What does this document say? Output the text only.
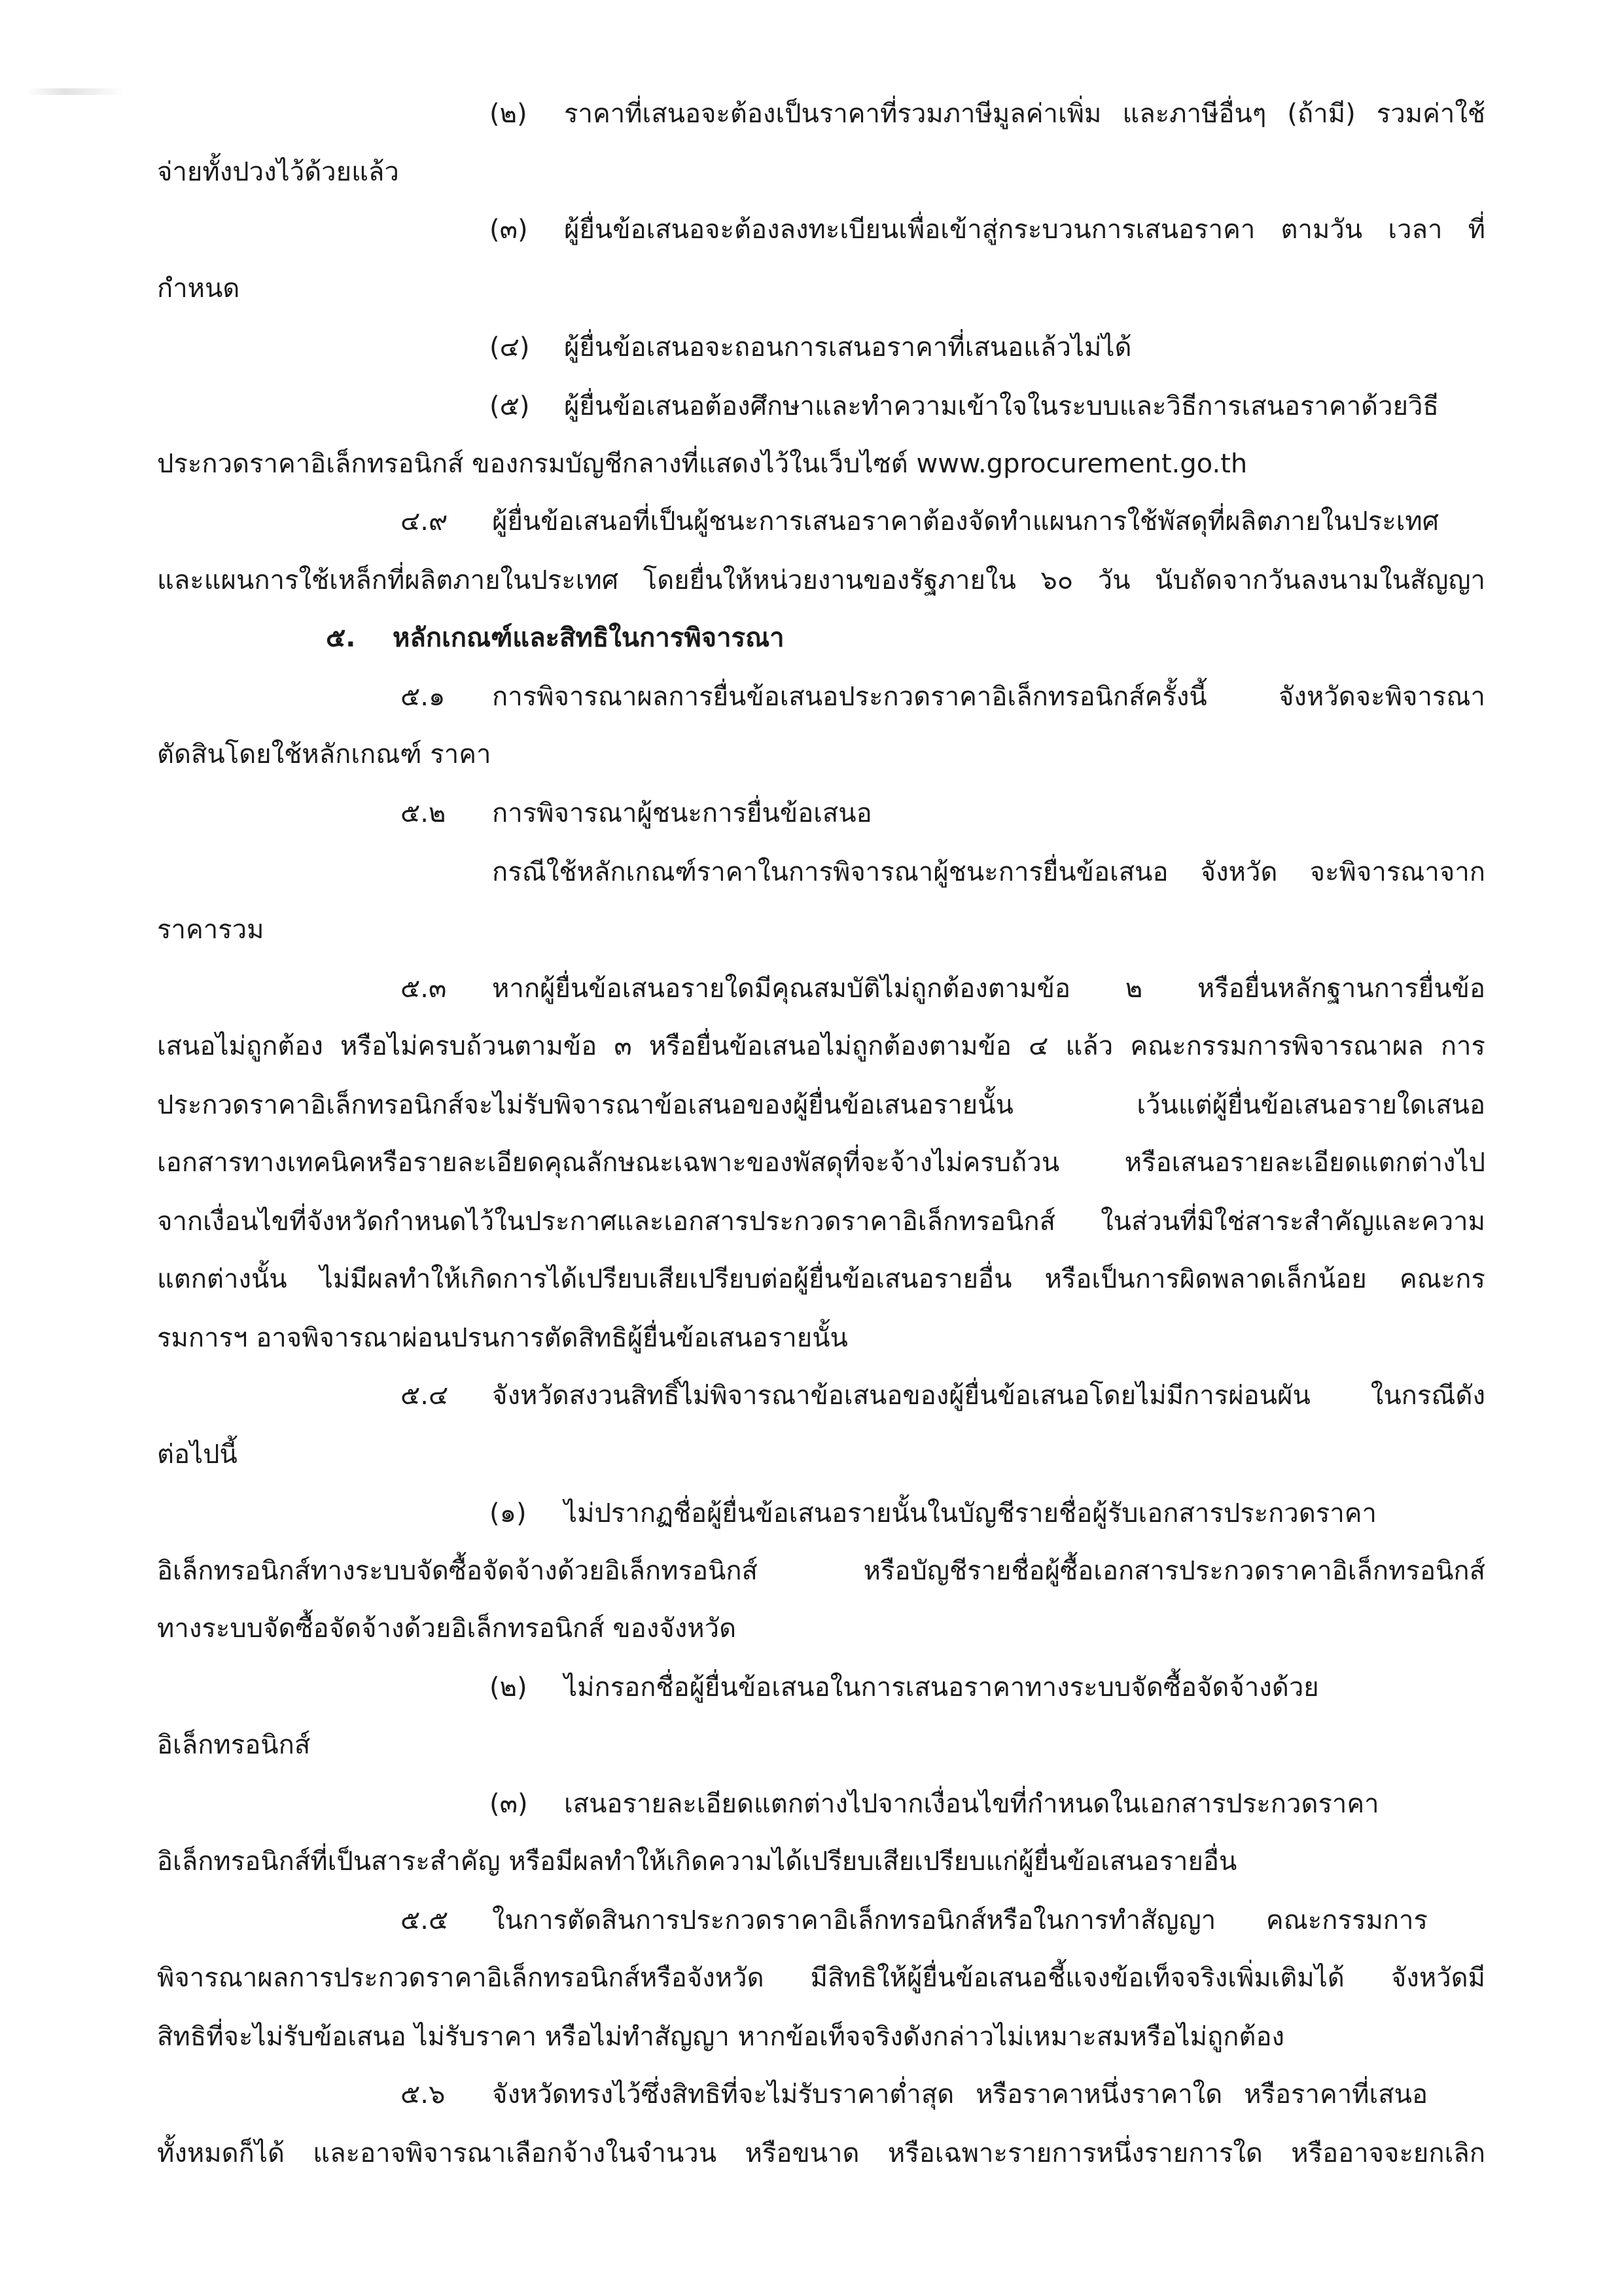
(๒) ราคาที่เสนอจะต้องเป็นราคาที่รวมภาษีมูลค่าเพิ่ม และภาษีอื่นๆ (ถ้ามี) รวมค่าใช้
จ่ายทั้งปวงไว้ด้วยแล้ว
(๓) ผู้ยื่นข้อเสนอจะต้องลงทะเบียนเพื่อเข้าสู่กระบวนการเสนอราคา ตามวัน เวลา ที่
กำหนด
(๔) ผู้ยื่นข้อเสนอจะถอนการเสนอราคาที่เสนอแล้วไม่ได้
(๕) ผู้ยื่นข้อเสนอต้องศึกษาและทำความเข้าใจในระบบและวิธีการเสนอราคาด้วยวิธี
ประกวดราคาอิเล็กทรอนิกส์ ของกรมบัญชีกลางที่แสดงไว้ในเว็บไซต์ www.gprocurement.go.th
๔.๙ ผู้ยื่นข้อเสนอที่เป็นผู้ชนะการเสนอราคาต้องจัดทำแผนการใช้พัสดุที่ผลิตภายในประเทศ
และแผนการใช้เหล็กที่ผลิตภายในประเทศ โดยยื่นให้หน่วยงานของรัฐภายใน ๖๐ วัน นับถัดจากวันลงนามในสัญญา
๕. หลักเกณฑ์และสิทธิในการพิจารณา
๕.๑ การพิจารณาผลการยื่นข้อเสนอประกวดราคาอิเล็กทรอนิกส์ครั้งนี้ จังหวัดจะพิจารณา
ตัดสินโดยใช้หลักเกณฑ์ ราคา
๕.๒ การพิจารณาผู้ชนะการยื่นข้อเสนอ
กรณีใช้หลักเกณฑ์ราคาในการพิจารณาผู้ชนะการยื่นข้อเสนอ จังหวัด จะพิจารณาจาก
ราคารวม
๕.๓ หากผู้ยื่นข้อเสนอรายใดมีคุณสมบัติไม่ถูกต้องตามข้อ ๒ หรือยื่นหลักฐานการยื่นข้อ
เสนอไม่ถูกต้อง หรือไม่ครบถ้วนตามข้อ ๓ หรือยื่นข้อเสนอไม่ถูกต้องตามข้อ ๔ แล้ว คณะกรรมการพิจารณาผล การ
ประกวดราคาอิเล็กทรอนิกส์จะไม่รับพิจารณาข้อเสนอของผู้ยื่นข้อเสนอรายนั้น เว้นแต่ผู้ยื่นข้อเสนอรายใดเสนอ
เอกสารทางเทคนิคหรือรายละเอียดคุณลักษณะเฉพาะของพัสดุที่จะจ้างไม่ครบถ้วน หรือเสนอรายละเอียดแตกต่างไป
จากเงื่อนไขที่จังหวัดกำหนดไว้ในประกาศและเอกสารประกวดราคาอิเล็กทรอนิกส์ ในส่วนที่มิใช่สาระสำคัญและความ
แตกต่างนั้น ไม่มีผลทำให้เกิดการได้เปรียบเสียเปรียบต่อผู้ยื่นข้อเสนอรายอื่น หรือเป็นการผิดพลาดเล็กน้อย คณะกร
รมการฯ อาจพิจารณาผ่อนปรนการตัดสิทธิผู้ยื่นข้อเสนอรายนั้น
๕.๔ จังหวัดสงวนสิทธิ์ไม่พิจารณาข้อเสนอของผู้ยื่นข้อเสนอโดยไม่มีการผ่อนผัน ในกรณีดัง
ต่อไปนี้
(๑) ไม่ปรากฏชื่อผู้ยื่นข้อเสนอรายนั้นในบัญชีรายชื่อผู้รับเอกสารประกวดราคา
อิเล็กทรอนิกส์ทางระบบจัดซื้อจัดจ้างด้วยอิเล็กทรอนิกส์ หรือบัญชีรายชื่อผู้ซื้อเอกสารประกวดราคาอิเล็กทรอนิกส์
ทางระบบจัดซื้อจัดจ้างด้วยอิเล็กทรอนิกส์ ของจังหวัด
(๒) ไม่กรอกชื่อผู้ยื่นข้อเสนอในการเสนอราคาทางระบบจัดซื้อจัดจ้างด้วย
อิเล็กทรอนิกส์
(๓) เสนอรายละเอียดแตกต่างไปจากเงื่อนไขที่กำหนดในเอกสารประกวดราคา
อิเล็กทรอนิกส์ที่เป็นสาระสำคัญ หรือมีผลทำให้เกิดความได้เปรียบเสียเปรียบแก่ผู้ยื่นข้อเสนอรายอื่น
๕.๕ ในการตัดสินการประกวดราคาอิเล็กทรอนิกส์หรือในการทำสัญญา คณะกรรมการ
พิจารณาผลการประกวดราคาอิเล็กทรอนิกส์หรือจังหวัด มีสิทธิให้ผู้ยื่นข้อเสนอชี้แจงข้อเท็จจริงเพิ่มเติมได้ จังหวัดมี
สิทธิที่จะไม่รับข้อเสนอ ไม่รับราคา หรือไม่ทำสัญญา หากข้อเท็จจริงดังกล่าวไม่เหมาะสมหรือไม่ถูกต้อง
๕.๖ จังหวัดทรงไว้ซึ่งสิทธิที่จะไม่รับราคาต่ำสุด หรือราคาหนึ่งราคาใด หรือราคาที่เสนอ
ทั้งหมดก็ได้ และอาจพิจารณาเลือกจ้างในจำนวน หรือขนาด หรือเฉพาะรายการหนึ่งรายการใด หรืออาจจะยกเลิก
